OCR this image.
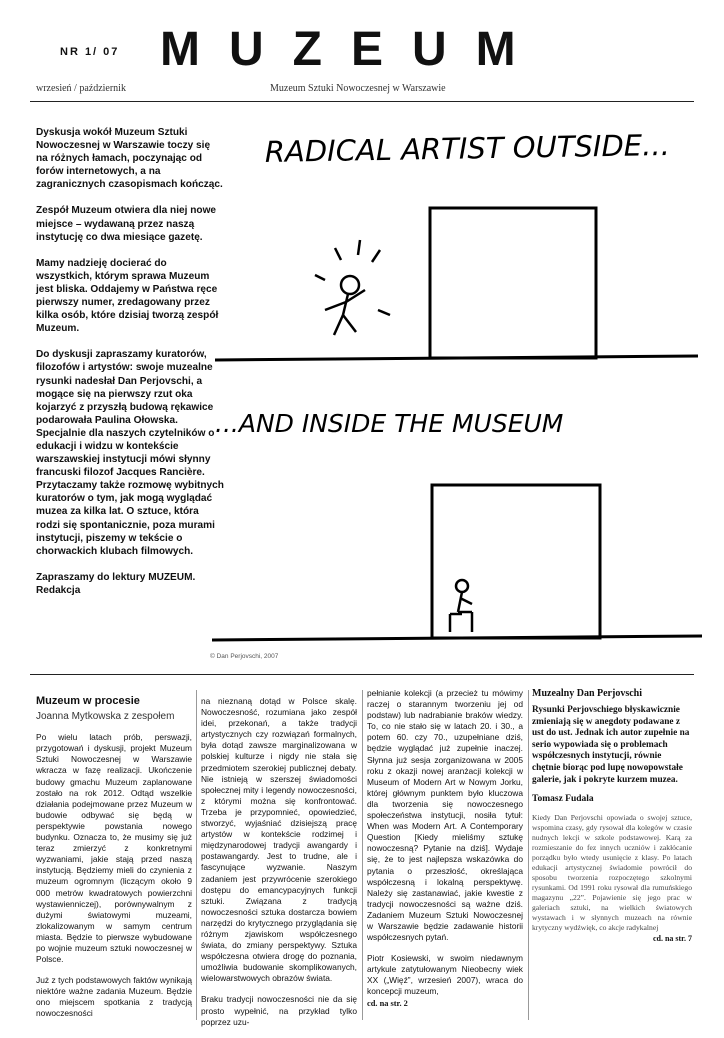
NR 1/ 07 MUZEUM
wrzesień / październik	Muzeum Sztuki Nowoczesnej w Warszawie

Dyskusja wokół Muzeum Sztuki Nowoczesnej w Warszawie toczy się na różnych łamach, poczynając od forów internetowych, a na zagranicznych czasopismach kończąc.

Zespół Muzeum otwiera dla niej nowe miejsce – wydawaną przez naszą instytucję co dwa miesiące gazetę.

Mamy nadzieję docierać do wszystkich, którym sprawa Muzeum jest bliska. Oddajemy w Państwa ręce pierwszy numer, zredagowany przez kilka osób, które dzisiaj tworzą zespół Muzeum.

Do dyskusji zapraszamy kuratorów, filozofów i artystów: swoje muzealne rysunki nadesłał Dan Perjovschi, a mogące się na pierwszy rzut oka kojarzyć z przyszłą budową rękawice podarowała Paulina Ołowska. Specjalnie dla naszych czytelników o edukacji i widzu w kontekście warszawskiej instytucji mówi słynny francuski filozof Jacques Rancière. Przytaczamy także rozmowę wybitnych kuratorów o tym, jak mogą wyglądać muzea za kilka lat. O sztuce, która rodzi się spontanicznie, poza murami instytucji, piszemy w tekście o chorwackich klubach filmowych.

Zapraszamy do lektury MUZEUM.

Redakcja

RADICAL ARTIST OUTSIDE...
...AND INSIDE THE MUSEUM
© Dan Perjovschi, 2007
Muzeum w procesie
Joanna Mytkowska z zespołem

Po wielu latach prób, perswazji, przygotowań i dyskusji, projekt Muzeum Sztuki Nowoczesnej w Warszawie wkracza w fazę realizacji. Ukończenie budowy gmachu Muzeum zaplanowane zostało na rok 2012. Odtąd wszelkie działania podejmowane przez Muzeum w budowie odbywać się będą w perspektywie powstania nowego budynku. Oznacza to, że musimy się już teraz zmierzyć z konkretnymi wyzwaniami, jakie stają przed naszą instytucją. Będziemy mieli do czynienia z muzeum ogromnym (liczącym około 9 000 metrów kwadratowych powierzchni wystawienniczej), porównywalnym z dużymi światowymi muzeami, zlokalizowanym w samym centrum miasta. Będzie to pierwsze wybudowane po wojnie muzeum sztuki nowoczesnej w Polsce.

Już z tych podstawowych faktów wynikają niektóre ważne zadania Muzeum. Będzie ono miejscem spotkania z tradycją nowoczesności

na nieznaną dotąd w Polsce skalę. Nowoczesność, rozumiana jako zespół idei, przekonań, a także tradycji artystycznych czy rozwiązań formalnych, była dotąd zawsze marginalizowana w polskiej kulturze i nigdy nie stała się przedmiotem szerokiej publicznej debaty. Nie istnieją w szerszej świadomości społecznej mity i legendy nowoczesności, z którymi można się konfrontować. Trzeba je przypomnieć, opowiedzieć, stworzyć, wyjaśniać dzisiejszą pracę artystów w kontekście rodzimej i międzynarodowej tradycji awangardy i postawangardy. Jest to trudne, ale i fascynujące wyzwanie. Naszym zadaniem jest przywrócenie szerokiego dostępu do emancypacyjnych funkcji sztuki. Związana z tradycją nowoczesności sztuka dostarcza bowiem narzędzi do krytycznego przyglądania się różnym zjawiskom współczesnego świata, do zmiany perspektywy. Sztuka współczesna otwiera drogę do poznania, umożliwia budowanie skomplikowanych, wielowarstwowych obrazów świata.

Braku tradycji nowoczesności nie da się prosto wypełnić, na przykład tylko poprzez uzu-

pełnianie kolekcji (a przecież tu mówimy raczej o starannym tworzeniu jej od podstaw) lub nadrabianie braków wiedzy. To, co nie stało się w latach 20. i 30., a potem 60. czy 70., uzupełniane dziś, będzie wyglądać już zupełnie inaczej. Słynna już sesja zorganizowana w 2005 roku z okazji nowej aranżacji kolekcji w Museum of Modern Art w Nowym Jorku, której głównym punktem było kluczowa dla tworzenia się nowoczesnego społeczeństwa instytucji, nosiła tytuł: When was Modern Art. A Contemporary Question [Kiedy mieliśmy sztukę nowoczesną? Pytanie na dziś]. Wydaje się, że to jest najlepsza wskazówka do pytania o przeszłość, określająca współczesną i lokalną perspektywę. Należy się zastanawiać, jakie kwestie z tradycji nowoczesności są ważne dziś. Zadaniem Muzeum Sztuki Nowoczesnej w Warszawie będzie zadawanie historii współczesnych pytań.

Piotr Kosiewski, w swoim niedawnym artykule zatytułowanym Nieobecny wiek XX („Więź”, wrzesień 2007), wraca do koncepcji muzeum,

cd. na str. 2
Muzealny Dan Perjovschi
Rysunki Perjovschiego błyskawicznie zmieniają się w anegdoty podawane z ust do ust. Jednak ich autor zupełnie na serio wypowiada się o problemach współczesnych instytucji, równie chętnie biorąc pod lupę nowopowstałe galerie, jak i pokryte kurzem muzea.
Tomasz Fudala
Kiedy Dan Perjovschi opowiada o swojej sztuce, wspomina czasy, gdy rysował dla kolegów w czasie nudnych lekcji w szkole podstawowej. Karą za rozmieszanie do fez innych uczniów i zakłócanie porządku było wtedy usunięcie z klasy. Po latach edukacji artystycznej świadomie powrócił do sposobu tworzenia rozpoczętego szkolnymi rysunkami. Od 1991 roku rysował dla rumuńskiego magazynu „22”. Pojawienie się jego prac w galeriach sztuki, na wielkich światowych wystawach i w słynnych muzeach na równie krytyczny wydźwięk, co akcje radykalnej
cd. na str. 7
